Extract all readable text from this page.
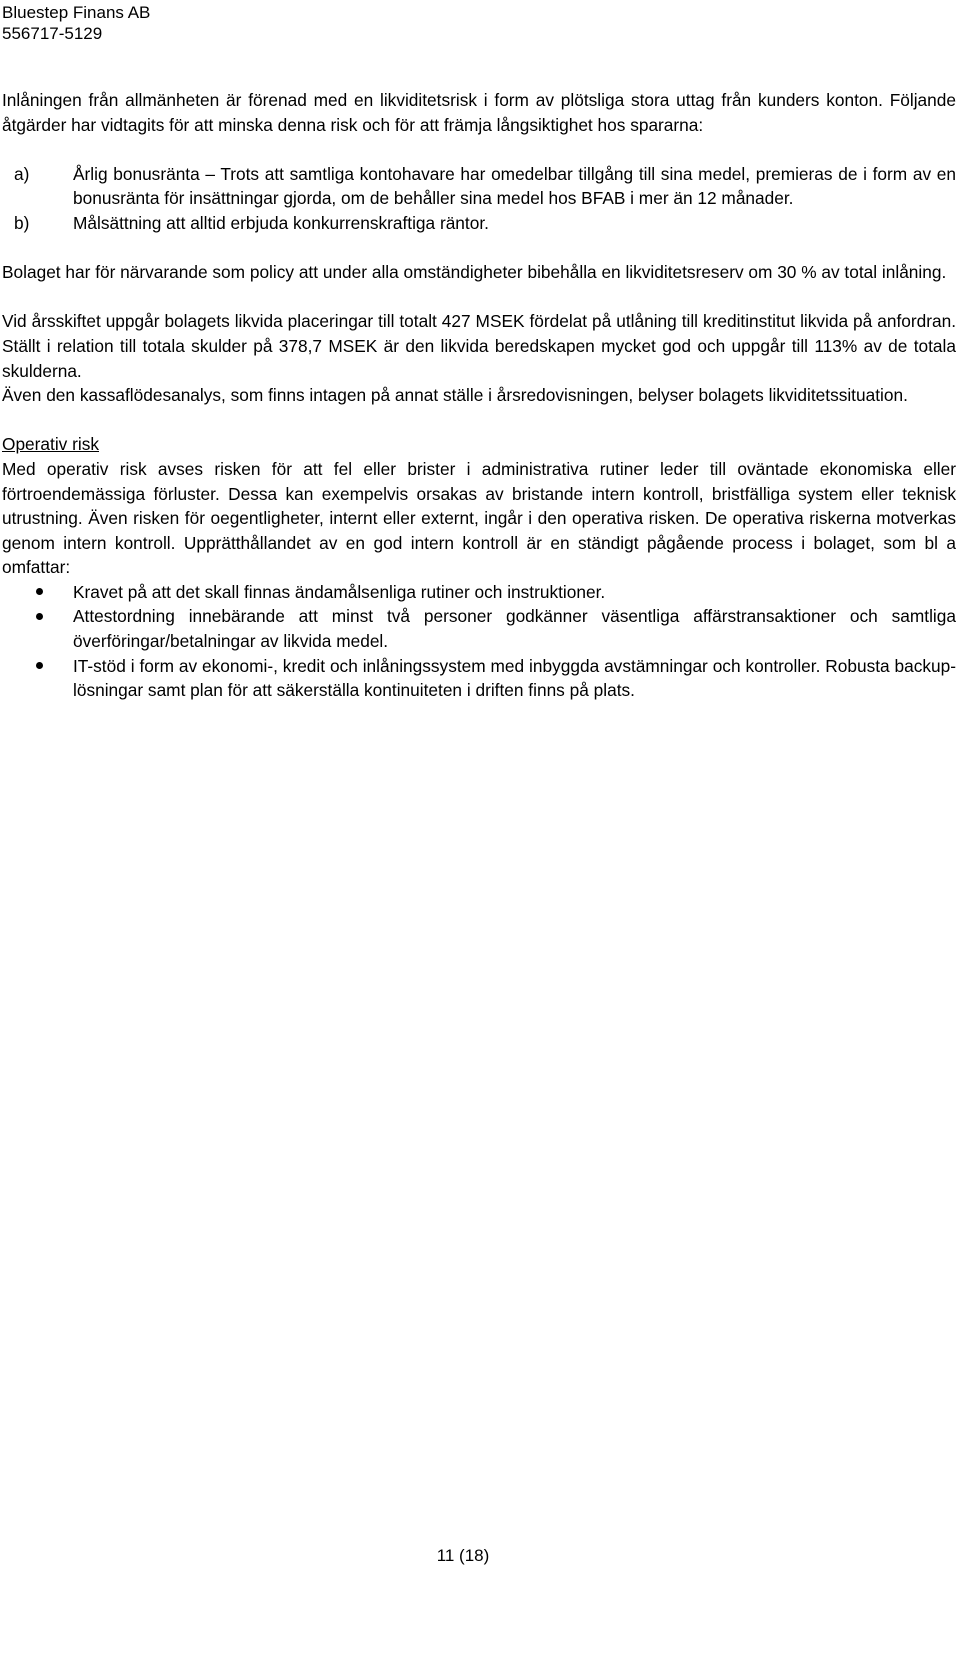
Bluestep Finans AB
556717-5129

Inlåningen från allmänheten är förenad med en likviditetsrisk i form av plötsliga stora uttag från kunders konton. Följande åtgärder har vidtagits för att minska denna risk och för att främja långsiktighet hos spararna:

a)	Årlig bonusränta – Trots att samtliga kontohavare har omedelbar tillgång till sina medel, premieras de i form av en bonusränta för insättningar gjorda, om de behåller sina medel hos BFAB i mer än 12 månader.
b)	Målsättning att alltid erbjuda konkurrenskraftiga räntor.

Bolaget har för närvarande som policy att under alla omständigheter bibehålla en likviditetsreserv om 30 % av total inlåning.

Vid årsskiftet uppgår bolagets likvida placeringar till totalt 427 MSEK fördelat på utlåning till kreditinstitut likvida på anfordran. Ställt i relation till totala skulder på 378,7 MSEK är den likvida beredskapen mycket god och uppgår till 113% av de totala skulderna.

Även den kassaflödesanalys, som finns intagen på annat ställe i årsredovisningen, belyser bolagets likviditetssituation.

Operativ risk

Med operativ risk avses risken för att fel eller brister i administrativa rutiner leder till oväntade ekonomiska eller förtroendemässiga förluster. Dessa kan exempelvis orsakas av bristande intern kontroll, bristfälliga system eller teknisk utrustning. Även risken för oegentligheter, internt eller externt, ingår i den operativa risken. De operativa riskerna motverkas genom intern kontroll. Upprätthållandet av en god intern kontroll är en ständigt pågående process i bolaget, som bl a omfattar:

Kravet på att det skall finnas ändamålsenliga rutiner och instruktioner.
Attestordning innebärande att minst två personer godkänner väsentliga affärstransaktioner och samtliga överföringar/betalningar av likvida medel.
IT-stöd i form av ekonomi-, kredit och inlåningssystem med inbyggda avstämningar och kontroller. Robusta backup-lösningar samt plan för att säkerställa kontinuiteten i driften finns på plats.
11 (18)
